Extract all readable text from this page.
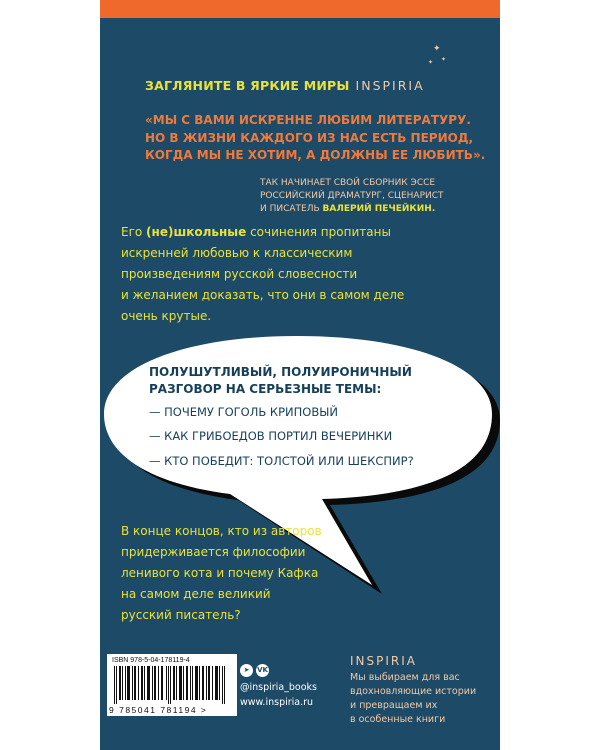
✦
✦ ✦
ЗАГЛЯНИТЕ В ЯРКИЕ МИРЫ INSPIRIA
«МЫ С ВАМИ ИСКРЕННЕ ЛЮБИМ ЛИТЕРАТУРУ.
НО В ЖИЗНИ КАЖДОГО ИЗ НАС ЕСТЬ ПЕРИОД,
КОГДА МЫ НЕ ХОТИМ, А ДОЛЖНЫ ЕЕ ЛЮБИТЬ».
ТАК НАЧИНАЕТ СВОЙ СБОРНИК ЭССЕ
РОССИЙСКИЙ ДРАМАТУРГ, СЦЕНАРИСТ
И ПИСАТЕЛЬ ВАЛЕРИЙ ПЕЧЕЙКИН.
Его (не)школьные сочинения пропитаны
искренней любовью к классическим
произведениям русской словесности
и желанием доказать, что они в самом деле
очень крутые.
ПОЛУШУТЛИВЫЙ, ПОЛУИРОНИЧНЫЙ
РАЗГОВОР НА СЕРЬЕЗНЫЕ ТЕМЫ:
— ПОЧЕМУ ГОГОЛЬ КРИПОВЫЙ
— КАК ГРИБОЕДОВ ПОРТИЛ ВЕЧЕРИНКИ
— КТО ПОБЕДИТ: ТОЛСТОЙ ИЛИ ШЕКСПИР?
В конце концов, кто из авторов
придерживается философии
ленивого кота и почему Кафка
на самом деле великий
русский писатель?
ISBN 978-5-04-178119-4
9 785041 781194 >
➤	VK
@inspiria_books
www.inspiria.ru
INSPIRIA
Мы выбираем для вас
вдохновляющие истории
и превращаем их
в особенные книги
